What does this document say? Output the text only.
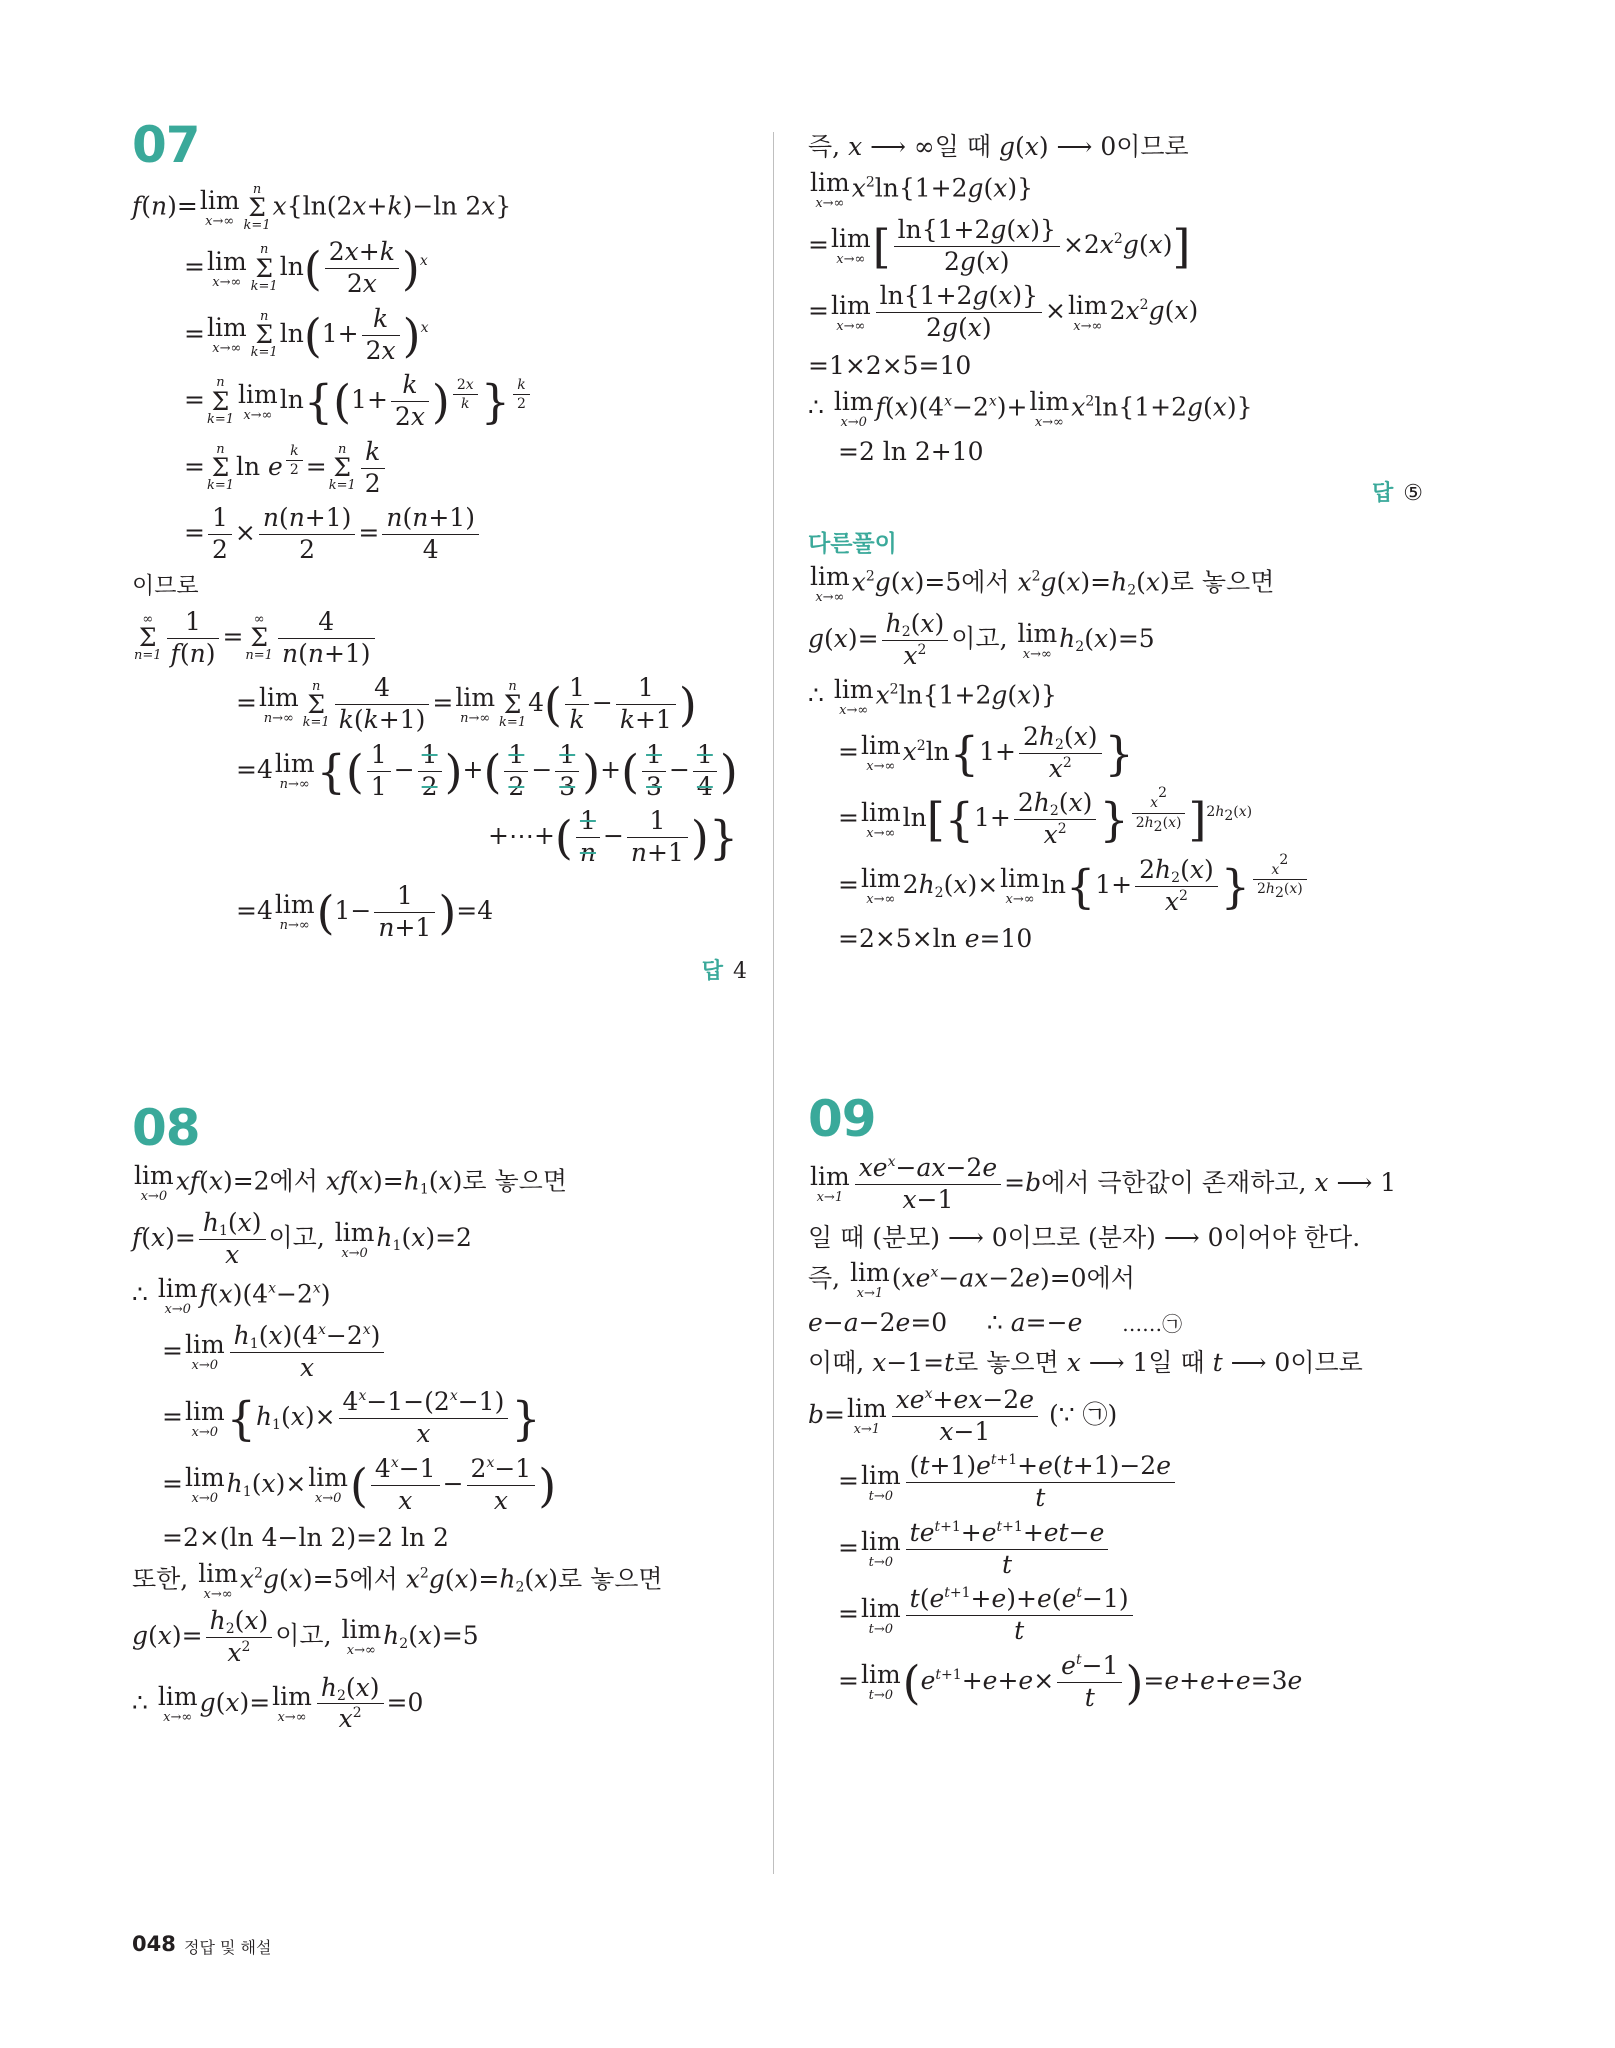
07
f(n)= lim
x→∞
n
Σ
k=1
x{ln(2x+k)−ln 2x}
= lim
x→∞
n
Σ
k=1
$\ln( \frac{2x+k}{2x} )^x$
= lim
x→∞
n
Σ
k=1
$\ln(1+ \frac{k}{2x} )^x$
=
n
Σ
k=1
lim
x→∞
$\ln\{(1+ \frac{k}{2x}$ ) $^{\frac{2x}{k}}$ } $^{\frac{k}{2}}$
=
n
Σ
k=1
ln e $^{\frac{k}{2}}$ =
n
Σ
$k=1 \frac{k}{2}$
= $\frac{1}{2} \times \frac{n(n+1)}{2} = \frac{n(n+1)}{4}$
이므로
∞
Σ
$n=1 \frac{1}{f(n)}$ =
∞
Σ
$n=1 \frac{4}{n(n+1)}$
= lim
n→∞
n
Σ
$k=1 \frac{4}{k(k+1)} = \lim$
n→∞
n
Σ
k=1
$4( \frac{1}{k} - \frac{1}{k+1}$ )
=4 lim
n→∞ {( $\frac{1}{1} - \frac{1}{2}$ )+( $\frac{1}{2} - \frac{1}{3}$ )+( $\frac{1}{3} - \frac{1}{4}$ )
+⋯+( $\frac{1}{n} - \frac{1}{n+1}$ )}
=4 lim
n→∞ $(1- \frac{1}{n+1} )=4$
답 4
08
lim
x→0
xf(x)=2에서 $xf(x)=h_1(x)$로 놓으면
$f(x)= \frac{h_1(x)}{x}$ 이고, lim
x→0
$h_1(x)=2$
∴ lim
x→0
$f(x)(4^x-2^x)$
= lim
$x\to 0 \frac{h_1(x)(4^x-2^x)}{x}$
= lim
x→0 {$h_1(x)\times \frac{4^x-1-(2^x-1)}{x}$ }
= lim
x→0
$h_1(x)\times \lim$
x→0 ( $\frac{4^x-1}{x} - \frac{2^x-1}{x}$ )
=2×(ln 4−ln 2)=2 ln 2
또한, lim
x→∞
$x^2g(x)=5$에서 $x^2g(x)=h_2(x)$로 놓으면
$g(x)= \frac{h_2(x)}{x^2}$ 이고, lim
x→∞
$h_2(x)=5$
∴ lim
x→∞
g(x)= lim
$x\to\infty \frac{h_2(x)}{x^2} =0$
즉, x ⟶ ∞일 때 g(x) ⟶ 0이므로
lim
x→∞
$x^2\ln\{1+2g(x)\}$
= lim
x→∞ [ $\frac{\ln\{1+2g(x)\}}{2g(x)} \times 2x^2g(x)$]
= lim
$x\to\infty \frac{\ln\{1+2g(x)\}}{2g(x)} \times \lim$
x→∞
$2x^2g(x)$
=1×2×5=10
∴ lim
x→0
$f(x)(4^x-2^x)+ \lim$
x→∞
$x^2\ln\{1+2g(x)\}$
=2 ln 2+10
답 ⑤
다른풀이
lim
x→∞
$x^2g(x)=5$에서 $x^2g(x)=h_2(x)$로 놓으면
$g(x)= \frac{h_2(x)}{x^2}$ 이고, lim
x→∞
$h_2(x)=5$
∴ lim
x→∞
$x^2\ln\{1+2g(x)\}$
= lim
x→∞
$x^2\ln\{1+ \frac{2h_2(x)}{x^2}$ }
= lim
x→∞
$\ln[\{1+ \frac{2h_2(x)}{x^2}$ } $^{\frac{x^2}{2h_2(x)}}$ ]$^{2h_2(x)}$
= lim
x→∞
$2h_2(x)\times \lim$
x→∞
$\ln\{1+ \frac{2h_2(x)}{x^2}$ } $^{\frac{x^2}{2h_2(x)}}$
=2×5×ln e=10
09
lim
$x\to 1 \frac{xe^x-ax-2e}{x-1} =b$에서 극한값이 존재하고, x ⟶ 1
일 때 (분모) ⟶ 0이므로 (분자) ⟶ 0이어야 한다.
즉, lim
x→1
$(xe^x-ax-2e)=0$에서
e−a−2e=0     ∴ a=−e ……㉠
이때, x−1=t로 놓으면 x ⟶ 1일 때 t ⟶ 0이므로
b= lim
$x\to 1 \frac{xe^x+ex-2e}{x-1}$ (∵ ㉠)
= lim
$t\to 0 \frac{(t+1)e^{t+1}+e(t+1)-2e}{t}$
= lim
$t\to 0 \frac{te^{t+1}+e^{t+1}+et-e}{t}$
= lim
$t\to 0 \frac{t(e^{t+1}+e)+e(e^t-1)}{t}$
= lim
t→0 $(e^{t+1}+e+e\times \frac{e^t-1}{t} )=e+e+e=3e$
048 정답 및 해설
